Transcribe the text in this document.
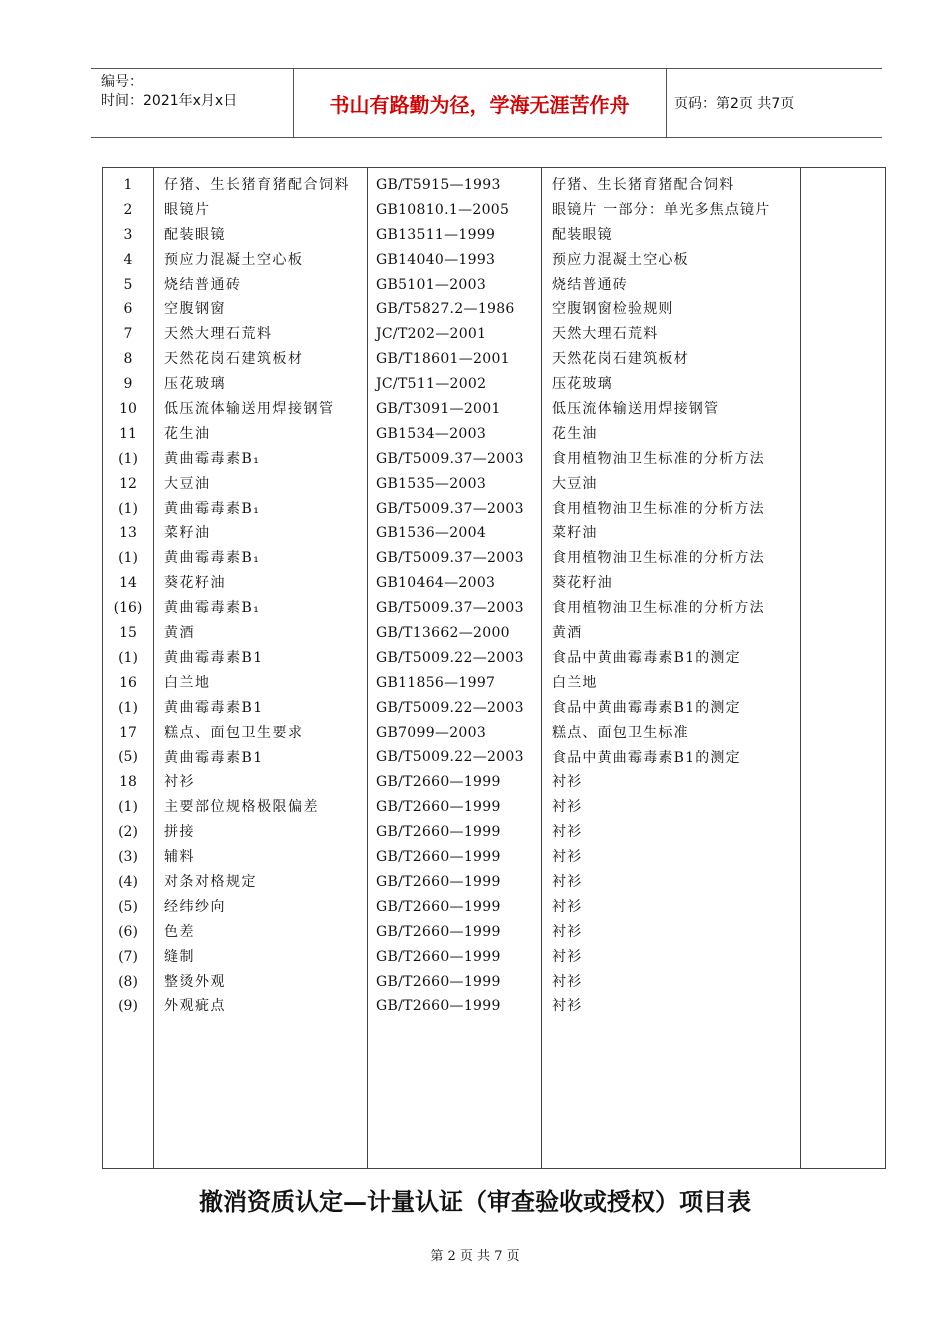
编号：
时间：2021年x月x日	书山有路勤为径，学海无涯苦作舟	页码：第2页 共7页
1
2
3
4
5
6
7
8
9
10
11
(1)
12
(1)
13
(1)
14
(16)
15
(1)
16
(1)
17
(5)
18
(1)
(2)
(3)
(4)
(5)
(6)
(7)
(8)
(9)
仔猪、生长猪育猪配合饲料
眼镜片
配装眼镜
预应力混凝土空心板
烧结普通砖
空腹钢窗
天然大理石荒料
天然花岗石建筑板材
压花玻璃
低压流体输送用焊接钢管
花生油
黄曲霉毒素B₁
大豆油
黄曲霉毒素B₁
菜籽油
黄曲霉毒素B₁
葵花籽油
黄曲霉毒素B₁
黄酒
黄曲霉毒素B1
白兰地
黄曲霉毒素B1
糕点、面包卫生要求
黄曲霉毒素B1
衬衫
主要部位规格极限偏差
拼接
辅料
对条对格规定
经纬纱向
色差
缝制
整烫外观
外观疵点
GB/T5915—1993
GB10810.1—2005
GB13511—1999
GB14040—1993
GB5101—2003
GB/T5827.2—1986
JC/T202—2001
GB/T18601—2001
JC/T511—2002
GB/T3091—2001
GB1534—2003
GB/T5009.37—2003
GB1535—2003
GB/T5009.37—2003
GB1536—2004
GB/T5009.37—2003
GB10464—2003
GB/T5009.37—2003
GB/T13662—2000
GB/T5009.22—2003
GB11856—1997
GB/T5009.22—2003
GB7099—2003
GB/T5009.22—2003
GB/T2660—1999
GB/T2660—1999
GB/T2660—1999
GB/T2660—1999
GB/T2660—1999
GB/T2660—1999
GB/T2660—1999
GB/T2660—1999
GB/T2660—1999
GB/T2660—1999
仔猪、生长猪育猪配合饲料
眼镜片 一部分：单光多焦点镜片
配装眼镜
预应力混凝土空心板
烧结普通砖
空腹钢窗检验规则
天然大理石荒料
天然花岗石建筑板材
压花玻璃
低压流体输送用焊接钢管
花生油
食用植物油卫生标准的分析方法
大豆油
食用植物油卫生标准的分析方法
菜籽油
食用植物油卫生标准的分析方法
葵花籽油
食用植物油卫生标准的分析方法
黄酒
食品中黄曲霉毒素B1的测定
白兰地
食品中黄曲霉毒素B1的测定
糕点、面包卫生标准
食品中黄曲霉毒素B1的测定
衬衫
衬衫
衬衫
衬衫
衬衫
衬衫
衬衫
衬衫
衬衫
衬衫
撤消资质认定—计量认证（审查验收或授权）项目表
第 2 页 共 7 页
